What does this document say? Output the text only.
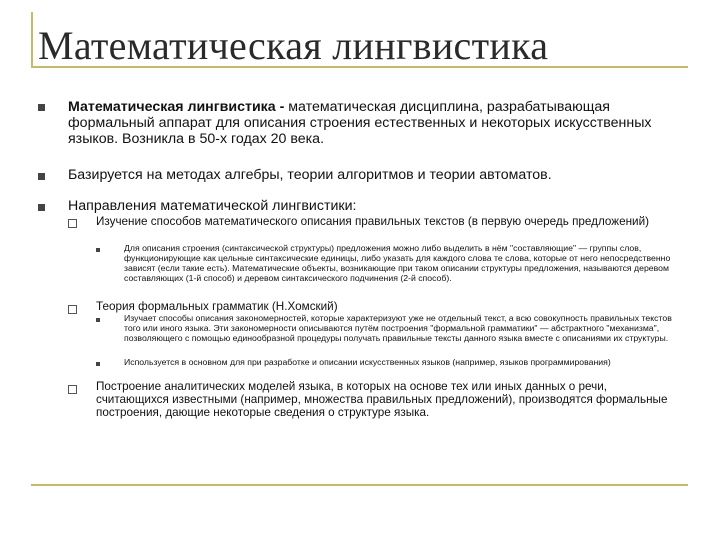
Математическая лингвистика
Математическая лингвистика - математическая дисциплина, разрабатывающая формальный аппарат для описания строения естественных и некоторых искусственных языков. Возникла в 50-х годах 20 века.
Базируется на методах алгебры, теории алгоритмов и теории автоматов.
Направления математической лингвистики:
Изучение способов математического описания правильных текстов (в первую очередь предложений)
Для описания строения (синтаксической структуры) предложения можно либо выделить в нём "составляющие" — группы слов, функционирующие как цельные синтаксические единицы, либо указать для каждого слова те слова, которые от него непосредственно зависят (если такие есть). Математические объекты, возникающие при таком описании структуры предложения, называются деревом составляющих (1-й способ) и деревом синтаксического подчинения (2-й способ).
Теория формальных грамматик (Н.Хомский)
Изучает способы описания закономерностей, которые характеризуют уже не отдельный текст, а всю совокупность правильных текстов того или иного языка. Эти закономерности описываются путём построения "формальной грамматики" — абстрактного "механизма", позволяющего с помощью единообразной процедуры получать правильные тексты данного языка вместе с описаниями их структуры.
Используется в основном для при разработке и описании искусственных языков (например, языков программирования)
Построение аналитических моделей языка, в которых на основе тех или иных данных о речи, считающихся известными (например, множества правильных предложений), производятся формальные построения, дающие некоторые сведения о структуре языка.
